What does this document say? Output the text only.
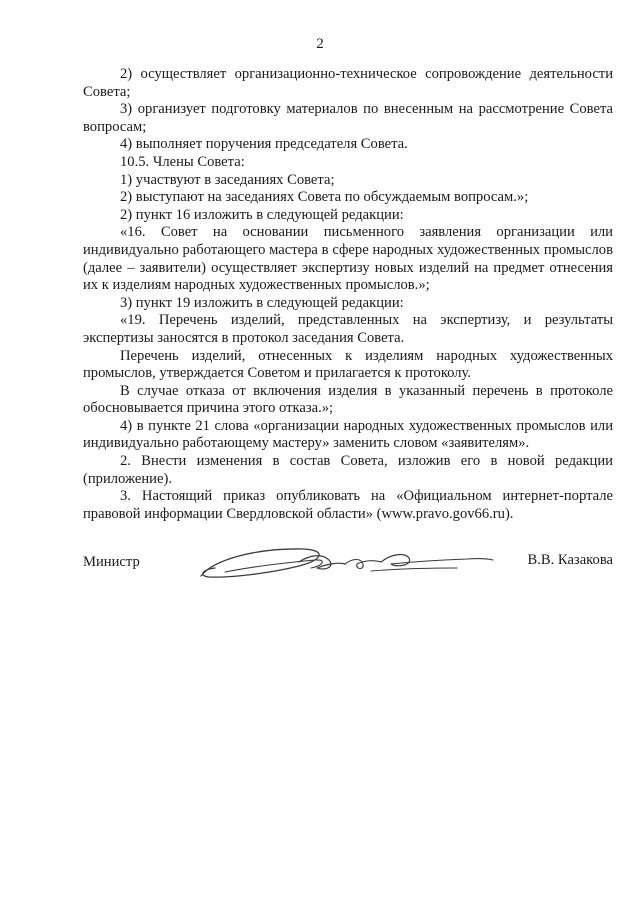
2

2) осуществляет организационно-техническое сопровождение деятельности Совета;

3) организует подготовку материалов по внесенным на рассмотрение Совета вопросам;

4) выполняет поручения председателя Совета.

10.5. Члены Совета:

1) участвуют в заседаниях Совета;

2) выступают на заседаниях Совета по обсуждаемым вопросам.»;

2) пункт 16 изложить в следующей редакции:

«16. Совет на основании письменного заявления организации или индивидуально работающего мастера в сфере народных художественных промыслов (далее – заявители) осуществляет экспертизу новых изделий на предмет отнесения их к изделиям народных художественных промыслов.»;

3) пункт 19 изложить в следующей редакции:

«19. Перечень изделий, представленных на экспертизу, и результаты экспертизы заносятся в протокол заседания Совета.

Перечень изделий, отнесенных к изделиям народных художественных промыслов, утверждается Советом и прилагается к протоколу.

В случае отказа от включения изделия в указанный перечень в протоколе обосновывается причина этого отказа.»;

4) в пункте 21 слова «организации народных художественных промыслов или индивидуально работающему мастеру» заменить словом «заявителям».

2. Внести изменения в состав Совета, изложив его в новой редакции (приложение).

3. Настоящий приказ опубликовать на «Официальном интернет-портале правовой информации Свердловской области» (www.pravo.gov66.ru).

Министр	В.В. Казакова
